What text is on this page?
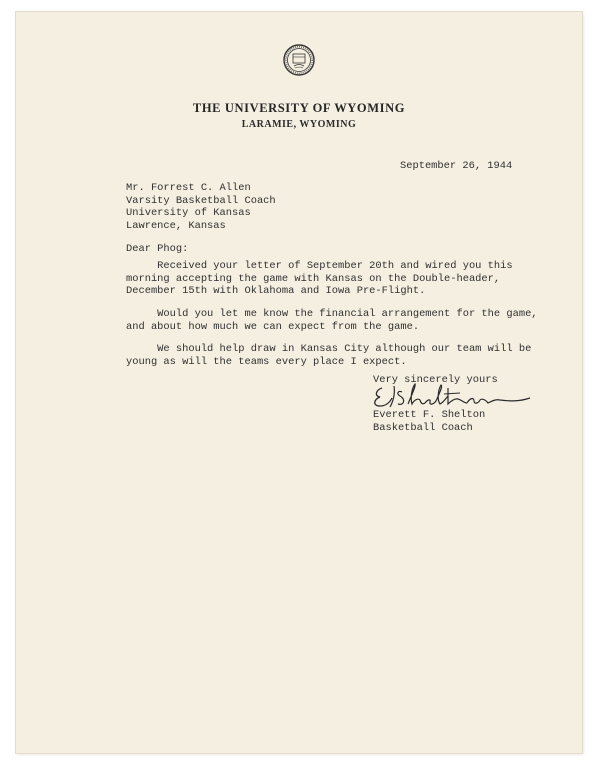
THE UNIVERSITY OF WYOMING
LARAMIE, WYOMING
September 26, 1944
Mr. Forrest C. Allen
Varsity Basketball Coach
University of Kansas
Lawrence, Kansas
Dear Phog:
Received your letter of September 20th and wired you this
morning accepting the game with Kansas on the Double-header,
December 15th with Oklahoma and Iowa Pre-Flight.
Would you let me know the financial arrangement for the game,
and about how much we can expect from the game.
We should help draw in Kansas City although our team will be
young as will the teams every place I expect.
Very sincerely yours
Everett F. Shelton
Basketball Coach
